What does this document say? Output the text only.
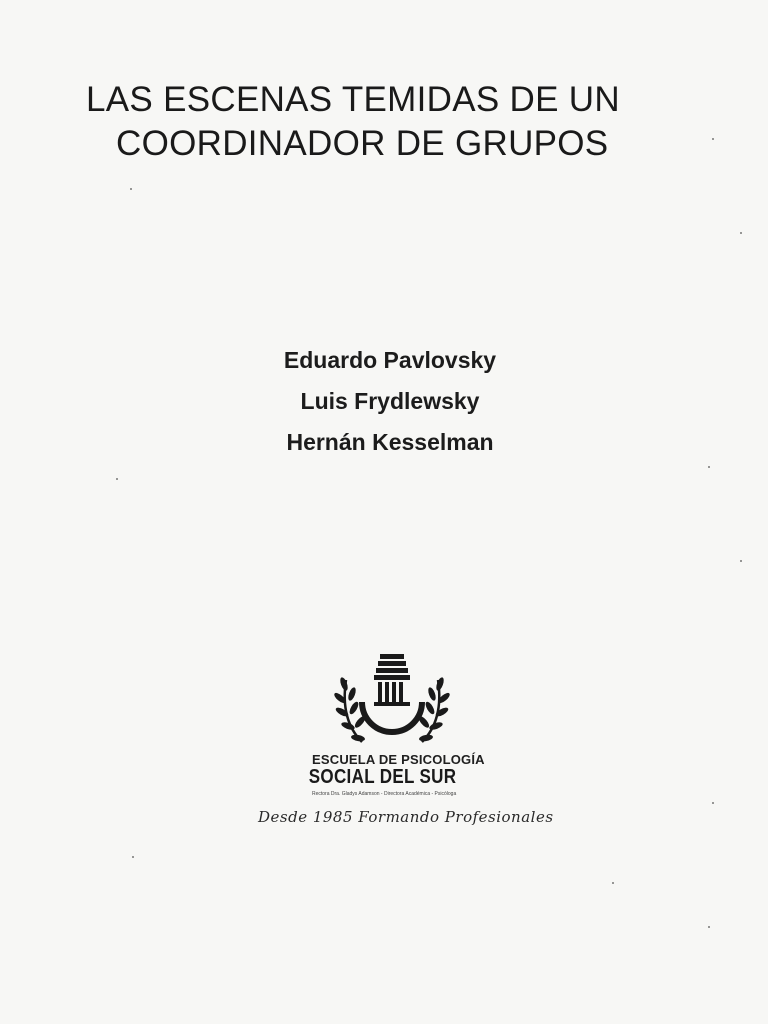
LAS ESCENAS TEMIDAS DE UN
COORDINADOR DE GRUPOS
Eduardo Pavlovsky
Luis Frydlewsky
Hernán Kesselman
ESCUELA DE PSICOLOGÍA
SOCIAL DEL SUR
Rectora Dra. Gladys Adamson - Directora Académica - Psicóloga
Desde 1985 Formando Profesionales
